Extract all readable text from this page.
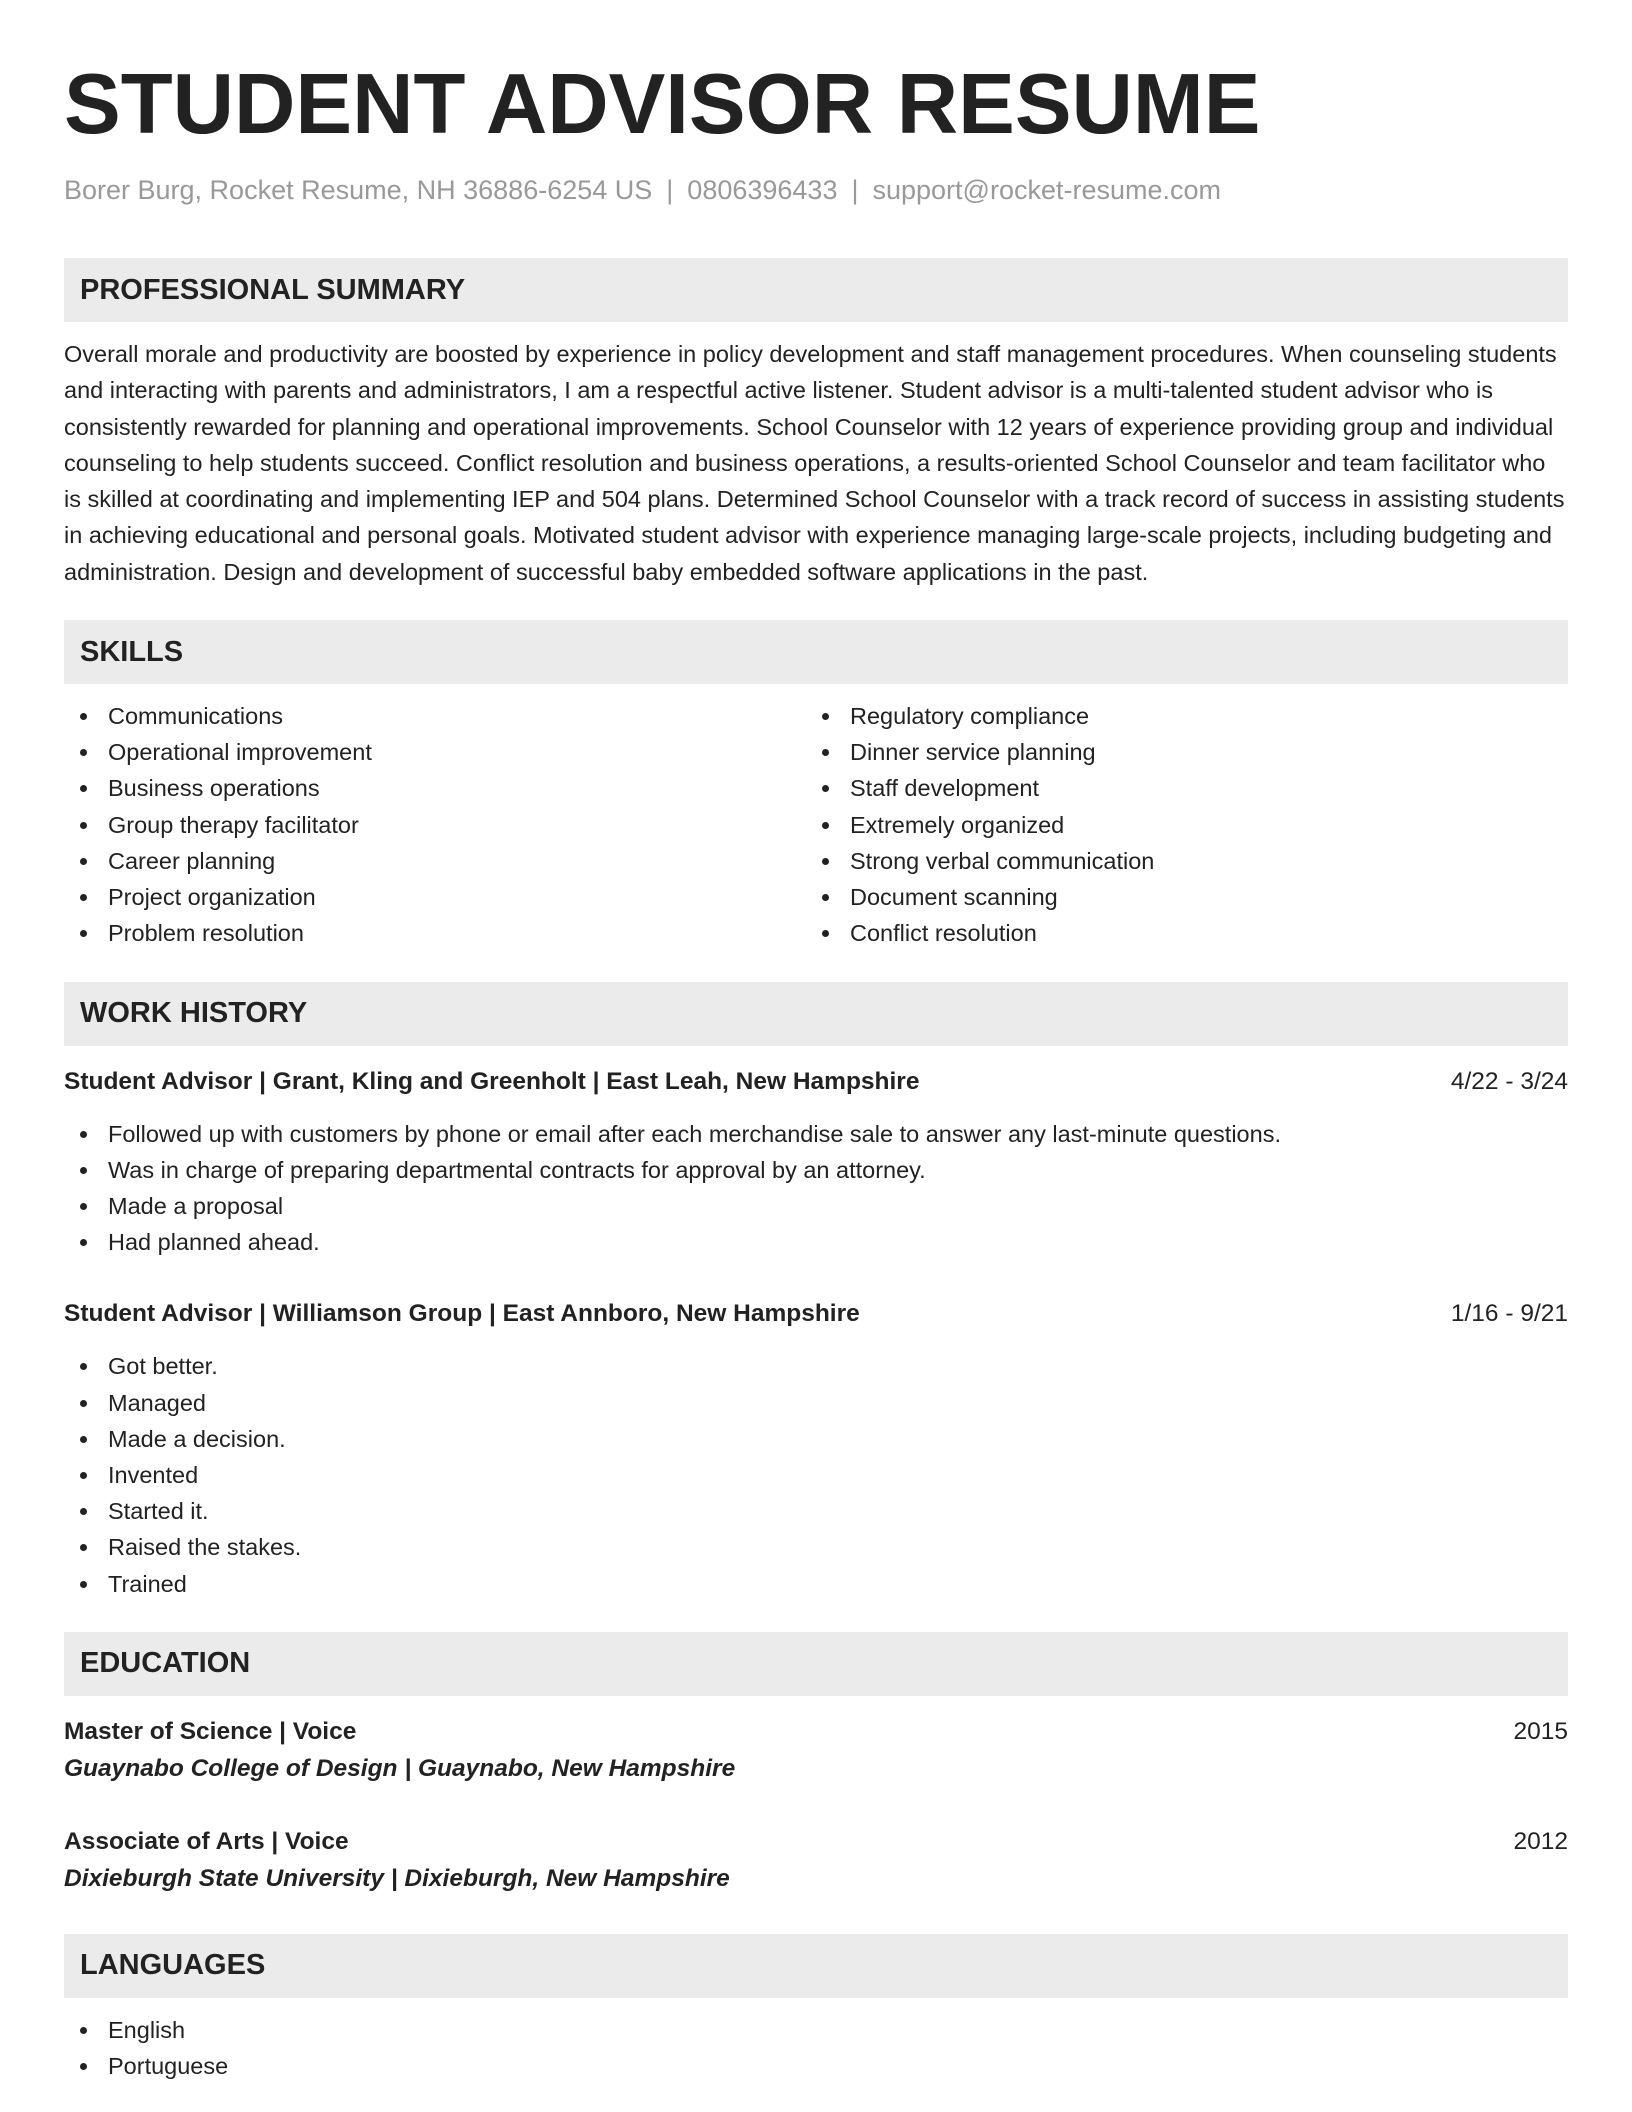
STUDENT ADVISOR RESUME
Borer Burg, Rocket Resume, NH 36886-6254 US | 0806396433 | support@rocket-resume.com
PROFESSIONAL SUMMARY
Overall morale and productivity are boosted by experience in policy development and staff management procedures. When counseling students and interacting with parents and administrators, I am a respectful active listener. Student advisor is a multi-talented student advisor who is consistently rewarded for planning and operational improvements. School Counselor with 12 years of experience providing group and individual counseling to help students succeed. Conflict resolution and business operations, a results-oriented School Counselor and team facilitator who is skilled at coordinating and implementing IEP and 504 plans. Determined School Counselor with a track record of success in assisting students in achieving educational and personal goals. Motivated student advisor with experience managing large-scale projects, including budgeting and administration. Design and development of successful baby embedded software applications in the past.
SKILLS
Communications
Operational improvement
Business operations
Group therapy facilitator
Career planning
Project organization
Problem resolution
Regulatory compliance
Dinner service planning
Staff development
Extremely organized
Strong verbal communication
Document scanning
Conflict resolution
WORK HISTORY
Student Advisor | Grant, Kling and Greenholt | East Leah, New Hampshire	4/22 - 3/24
Followed up with customers by phone or email after each merchandise sale to answer any last-minute questions.
Was in charge of preparing departmental contracts for approval by an attorney.
Made a proposal
Had planned ahead.
Student Advisor | Williamson Group | East Annboro, New Hampshire	1/16 - 9/21
Got better.
Managed
Made a decision.
Invented
Started it.
Raised the stakes.
Trained
EDUCATION
Master of Science | Voice	2015
Guaynabo College of Design | Guaynabo, New Hampshire
Associate of Arts | Voice	2012
Dixieburgh State University | Dixieburgh, New Hampshire
LANGUAGES
English
Portuguese
